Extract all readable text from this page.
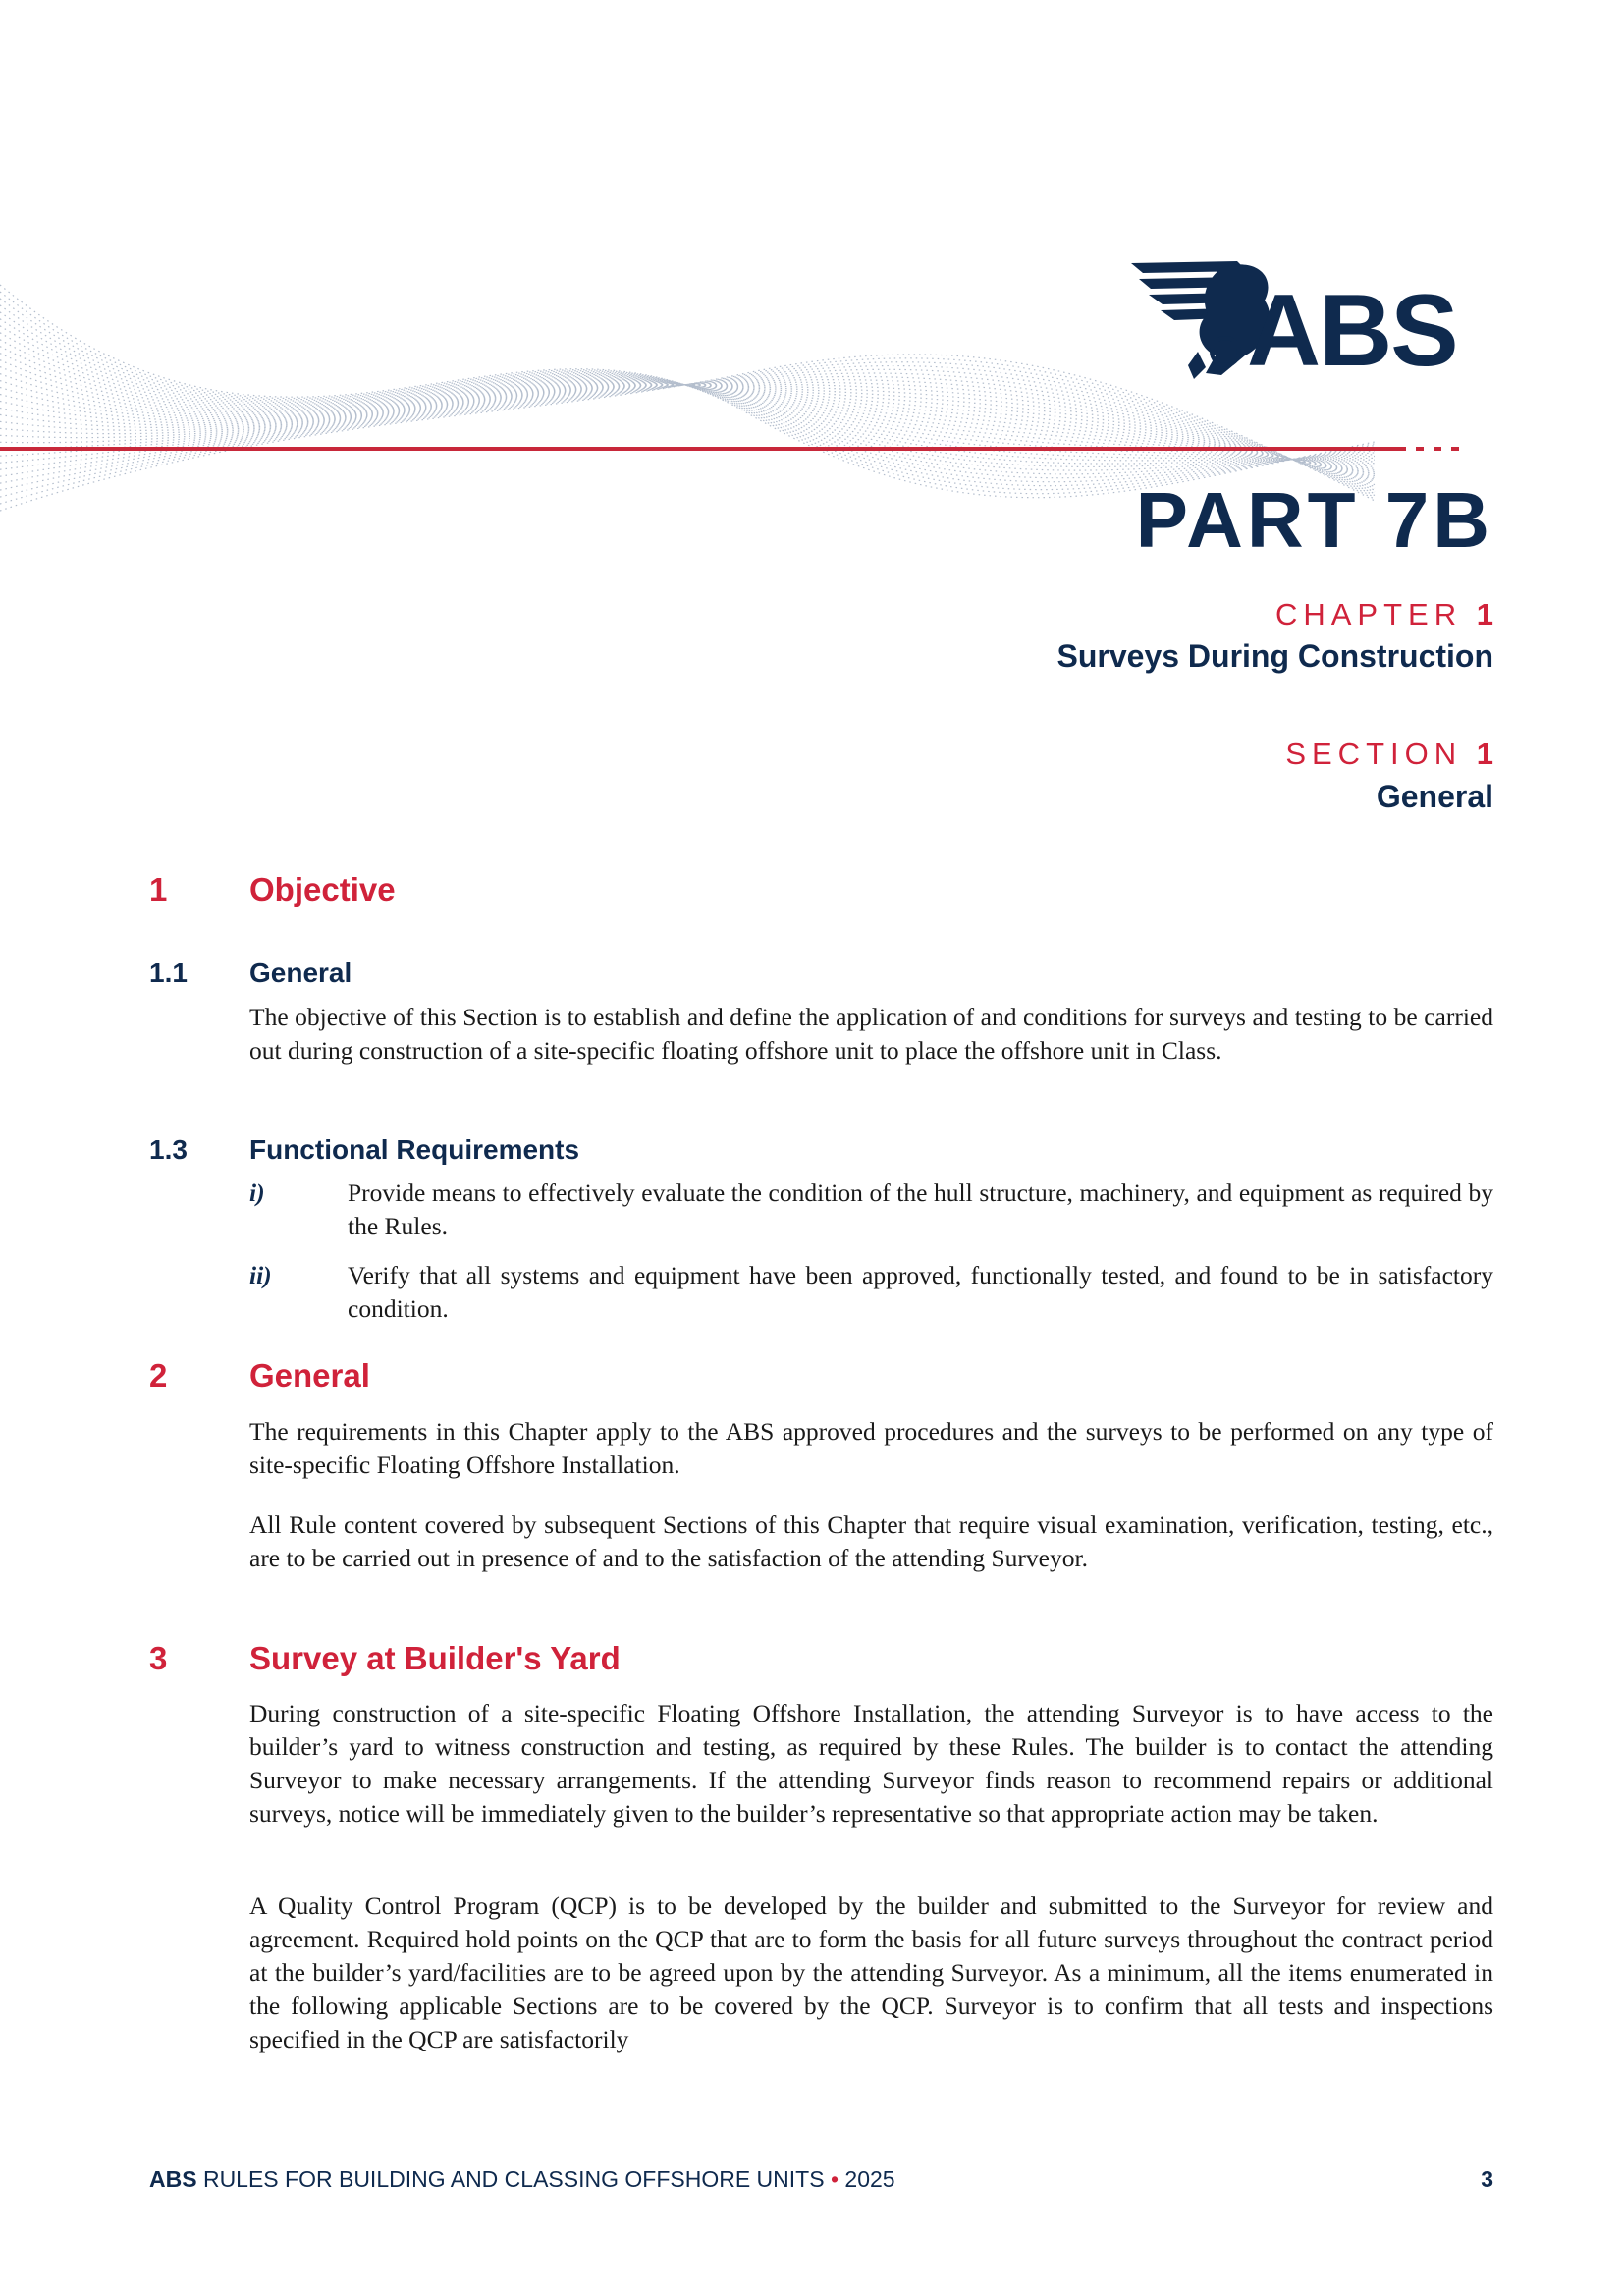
ABS
PART 7B
CHAPTER 1
Surveys During Construction
SECTION 1
General
1	Objective
1.1 General

The objective of this Section is to establish and define the application of and conditions for surveys and testing to be carried out during construction of a site-specific floating offshore unit to place the offshore unit in Class.

1.3 Functional Requirements
i)	Provide means to effectively evaluate the condition of the hull structure, machinery, and equipment as required by the Rules.
ii)	Verify that all systems and equipment have been approved, functionally tested, and found to be in satisfactory condition.
2	General

The requirements in this Chapter apply to the ABS approved procedures and the surveys to be performed on any type of site-specific Floating Offshore Installation.

All Rule content covered by subsequent Sections of this Chapter that require visual examination, verification, testing, etc., are to be carried out in presence of and to the satisfaction of the attending Surveyor.

3	Survey at Builder's Yard

During construction of a site-specific Floating Offshore Installation, the attending Surveyor is to have access to the builder’s yard to witness construction and testing, as required by these Rules. The builder is to contact the attending Surveyor to make necessary arrangements. If the attending Surveyor finds reason to recommend repairs or additional surveys, notice will be immediately given to the builder’s representative so that appropriate action may be taken.

A Quality Control Program (QCP) is to be developed by the builder and submitted to the Surveyor for review and agreement. Required hold points on the QCP that are to form the basis for all future surveys throughout the contract period at the builder’s yard/facilities are to be agreed upon by the attending Surveyor. As a minimum, all the items enumerated in the following applicable Sections are to be covered by the QCP. Surveyor is to confirm that all tests and inspections specified in the QCP are satisfactorily

ABS RULES FOR BUILDING AND CLASSING OFFSHORE UNITS • 2025	3
